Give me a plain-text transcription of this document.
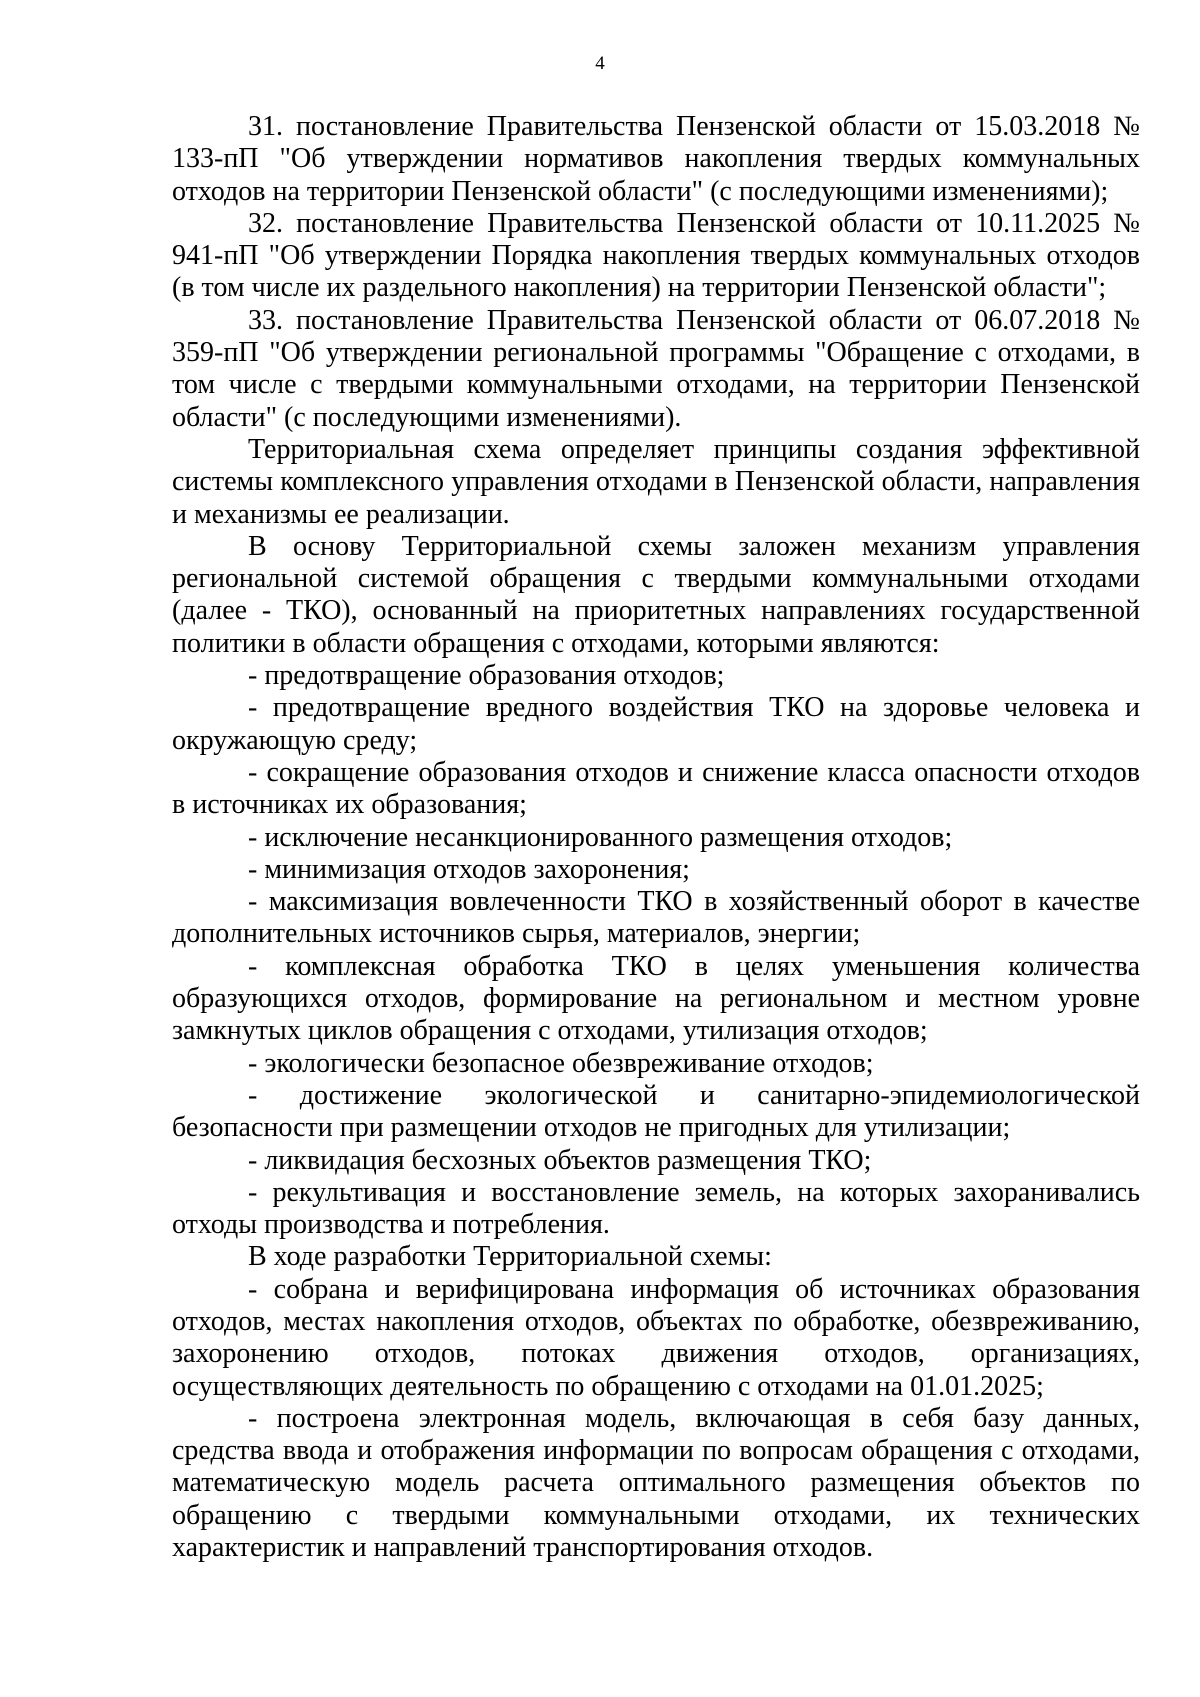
4

31. постановление Правительства Пензенской области от 15.03.2018 № 133-пП "Об утверждении нормативов накопления твердых коммунальных отходов на территории Пензенской области" (с последующими изменениями);

32. постановление Правительства Пензенской области от 10.11.2025 № 941-пП "Об утверждении Порядка накопления твердых коммунальных отходов (в том числе их раздельного накопления) на территории Пензенской области";

33. постановление Правительства Пензенской области от 06.07.2018 № 359-пП "Об утверждении региональной программы "Обращение с отходами, в том числе с твердыми коммунальными отходами, на территории Пензенской области" (с последующими изменениями).

Территориальная схема определяет принципы создания эффективной системы комплексного управления отходами в Пензенской области, направления и механизмы ее реализации.

В основу Территориальной схемы заложен механизм управления региональной системой обращения с твердыми коммунальными отходами (далее - ТКО), основанный на приоритетных направлениях государственной политики в области обращения с отходами, которыми являются:

- предотвращение образования отходов;

- предотвращение вредного воздействия ТКО на здоровье человека и окружающую среду;

- сокращение образования отходов и снижение класса опасности отходов в источниках их образования;

- исключение несанкционированного размещения отходов;

- минимизация отходов захоронения;

- максимизация вовлеченности ТКО в хозяйственный оборот в качестве дополнительных источников сырья, материалов, энергии;

- комплексная обработка ТКО в целях уменьшения количества образующихся отходов, формирование на региональном и местном уровне замкнутых циклов обращения с отходами, утилизация отходов;

- экологически безопасное обезвреживание отходов;

- достижение экологической и санитарно-эпидемиологической безопасности при размещении отходов не пригодных для утилизации;

- ликвидация бесхозных объектов размещения ТКО;

- рекультивация и восстановление земель, на которых захоранивались отходы производства и потребления.

В ходе разработки Территориальной схемы:

- собрана и верифицирована информация об источниках образования отходов, местах накопления отходов, объектах по обработке, обезвреживанию, захоронению отходов, потоках движения отходов, организациях, осуществляющих деятельность по обращению с отходами на 01.01.2025;

- построена электронная модель, включающая в себя базу данных, средства ввода и отображения информации по вопросам обращения с отходами, математическую модель расчета оптимального размещения объектов по обращению с твердыми коммунальными отходами, их технических характеристик и направлений транспортирования отходов.
